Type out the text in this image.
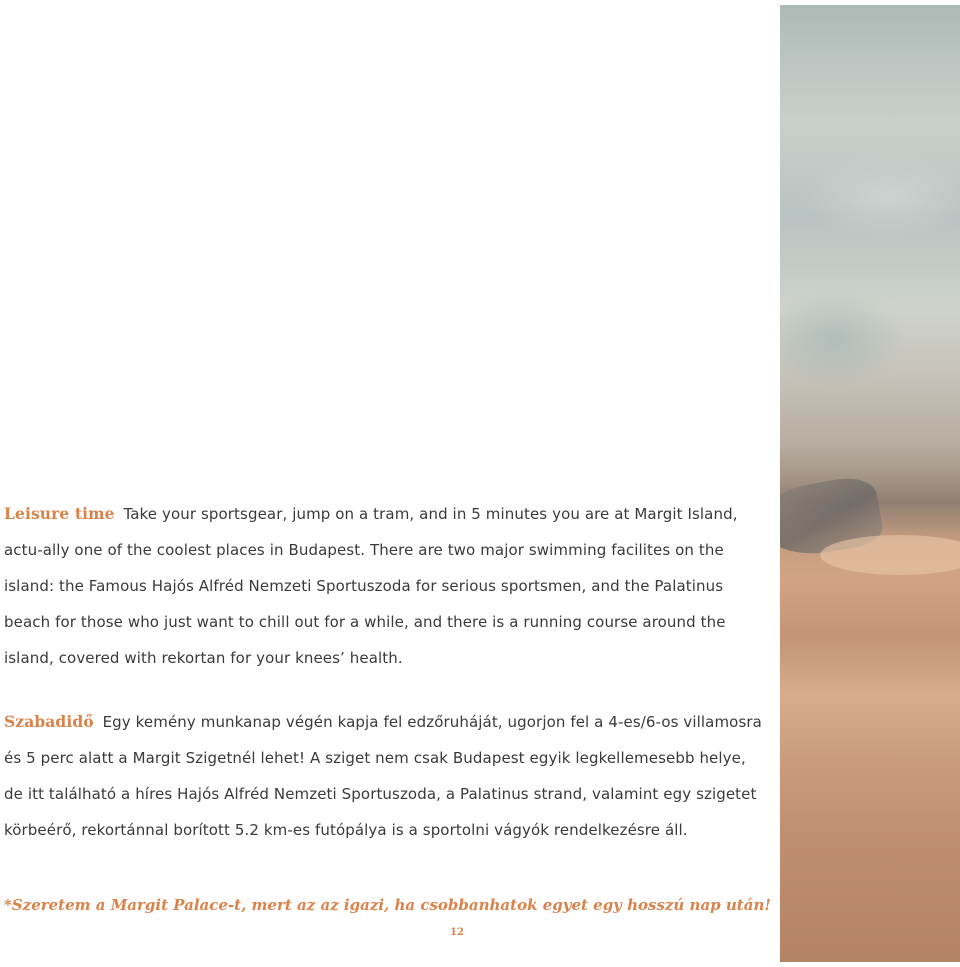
Leisure time Take your sportsgear, jump on a tram, and in 5 minutes you are at Margit Island, actu-ally one of the coolest places in Budapest. There are two major swimming facilites on the island: the Famous Hajós Alfréd Nemzeti Sportuszoda for serious sportsmen, and the Palatinus beach for those who just want to chill out for a while, and there is a running course around the island, covered with rekortan for your knees’ health.

Szabadidő Egy kemény munkanap végén kapja fel edzőruháját, ugorjon fel a 4-es/6-os villamosra és 5 perc alatt a Margit Szigetnél lehet! A sziget nem csak Budapest egyik legkellemesebb helye, de itt található a híres Hajós Alfréd Nemzeti Sportuszoda, a Palatinus strand, valamint egy szigetet körbeérő, rekortánnal borított 5.2 km-es futópálya is a sportolni vágyók rendelkezésre áll.

*Szeretem a Margit Palace-t, mert az az igazi, ha csobbanhatok egyet egy hosszú nap után!

12
